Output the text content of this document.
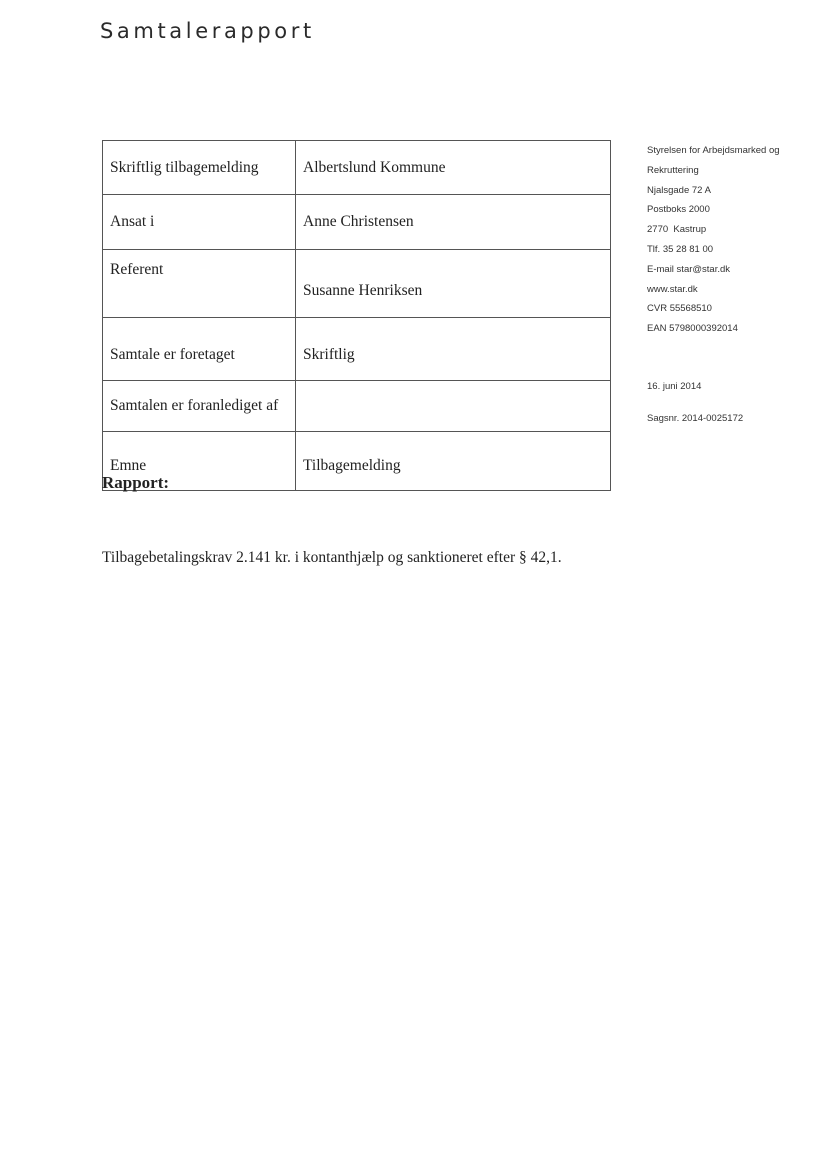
Samtalerapport
Skriftlig tilbagemelding	Albertslund Kommune
Ansat i	Anne Christensen
Referent	Susanne Henriksen
Samtale er foretaget	Skriftlig
Samtalen er foranlediget af	
Emne	Tilbagemelding
Styrelsen for Arbejdsmarked og
Rekruttering
Njalsgade 72 A
Postboks 2000
2770  Kastrup
Tlf. 35 28 81 00
E-mail star@star.dk
www.star.dk
CVR 55568510
EAN 5798000392014
16. juni 2014
Sagsnr. 2014-0025172
Rapport:

Tilbagebetalingskrav 2.141 kr. i kontanthjælp og sanktioneret efter § 42,1.
